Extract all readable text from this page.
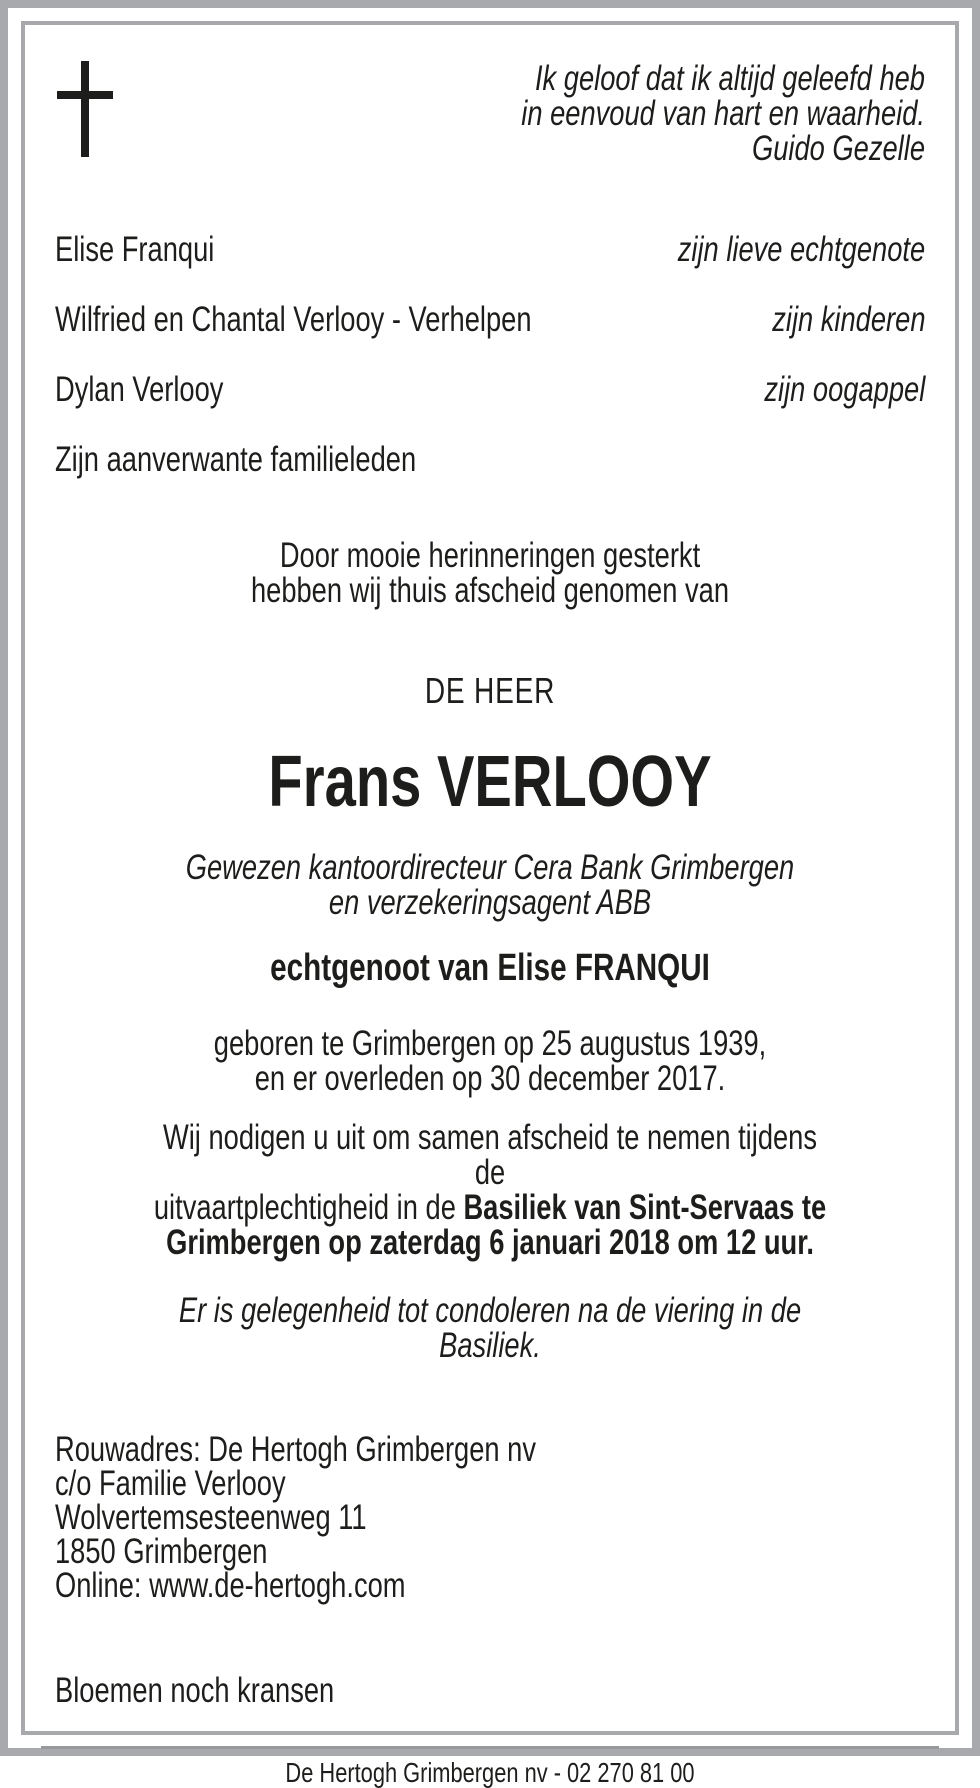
Ik geloof dat ik altijd geleefd heb
in eenvoud van hart en waarheid.
Guido Gezelle
Elise Franqui	zijn lieve echtgenote
Wilfried en Chantal Verlooy - Verhelpen	zijn kinderen
Dylan Verlooy	zijn oogappel
Zijn aanverwante familieleden
Door mooie herinneringen gesterkt
hebben wij thuis afscheid genomen van
DE HEER
Frans VERLOOY
Gewezen kantoordirecteur Cera Bank Grimbergen
en verzekeringsagent ABB
echtgenoot van Elise FRANQUI
geboren te Grimbergen op 25 augustus 1939,
en er overleden op 30 december 2017.
Wij nodigen u uit om samen afscheid te nemen tijdens de
uitvaartplechtigheid in de Basiliek van Sint-Servaas te
Grimbergen op zaterdag 6 januari 2018 om 12 uur.
Er is gelegenheid tot condoleren na de viering in de Basiliek.
Rouwadres: De Hertogh Grimbergen nv
c/o Familie Verlooy
Wolvertemsesteenweg 11
1850 Grimbergen
Online: www.de-hertogh.com
Bloemen noch kransen
De Hertogh Grimbergen nv - 02 270 81 00
